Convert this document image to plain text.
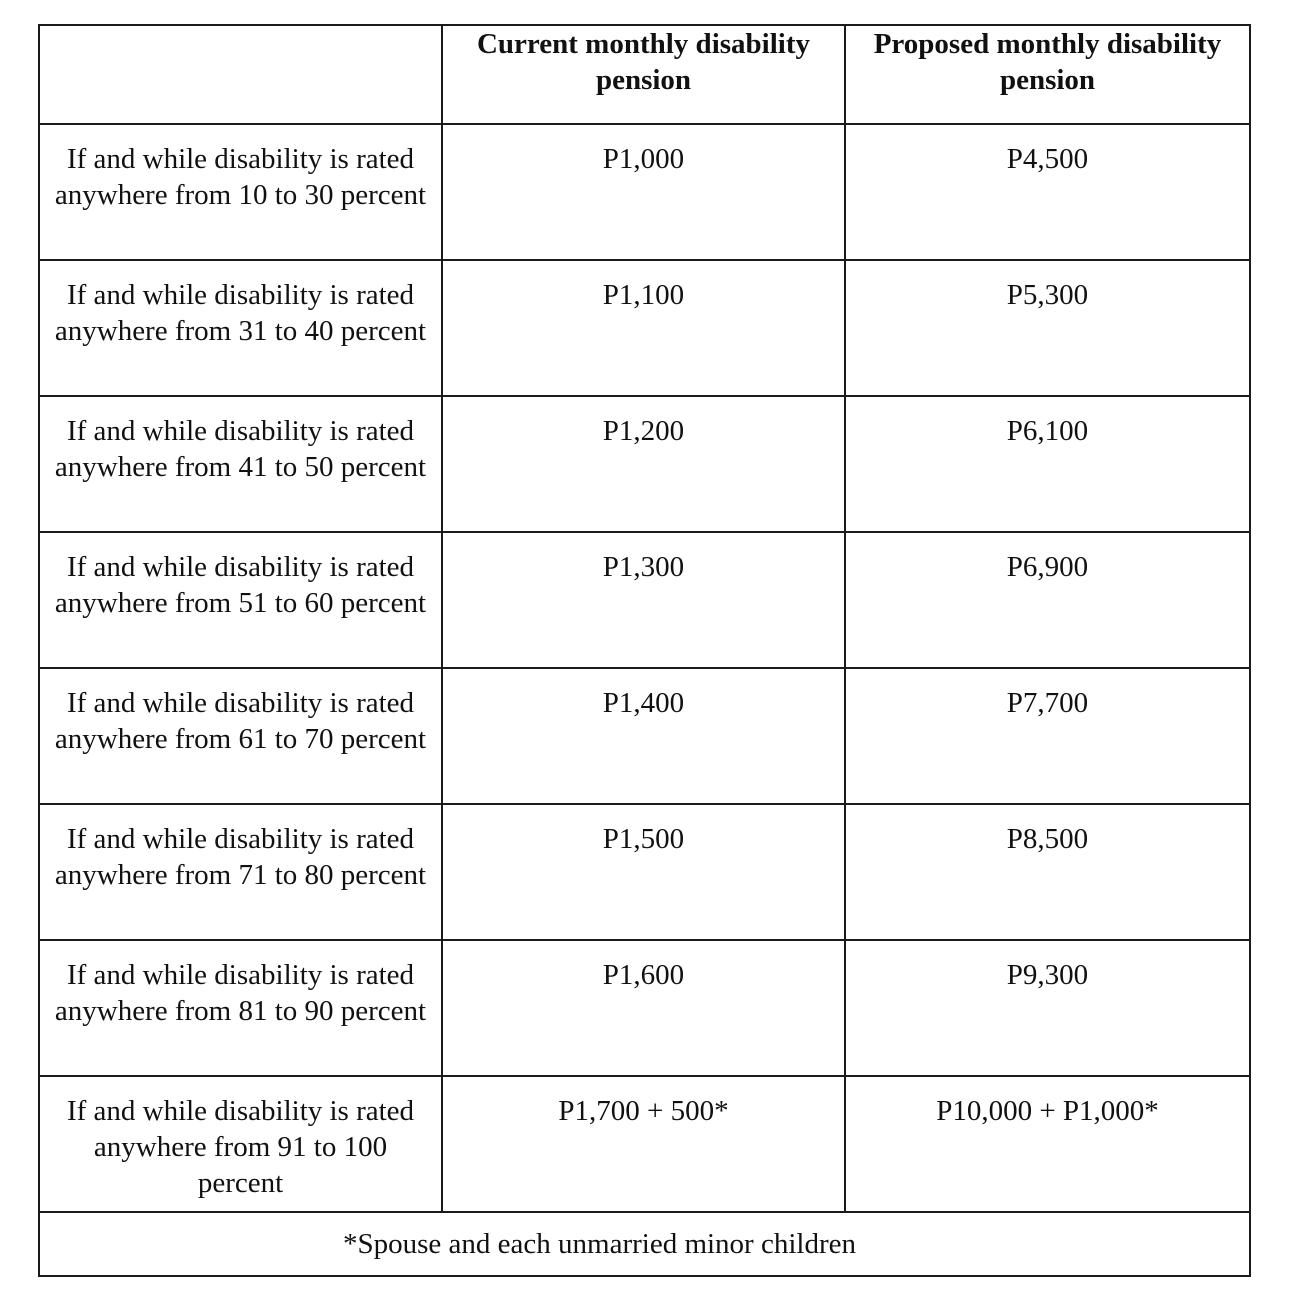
	Current monthly disability pension	Proposed monthly disability pension

If and while disability is rated anywhere from 10 to 30 percent	P1,000	P4,500
If and while disability is rated anywhere from 31 to 40 percent	P1,100	P5,300
If and while disability is rated anywhere from 41 to 50 percent	P1,200	P6,100
If and while disability is rated anywhere from 51 to 60 percent	P1,300	P6,900
If and while disability is rated anywhere from 61 to 70 percent	P1,400	P7,700
If and while disability is rated anywhere from 71 to 80 percent	P1,500	P8,500
If and while disability is rated anywhere from 81 to 90 percent	P1,600	P9,300
If and while disability is rated anywhere from 91 to 100 percent	P1,700 + 500*	P10,000 + P1,000*
*Spouse and each unmarried minor children		
